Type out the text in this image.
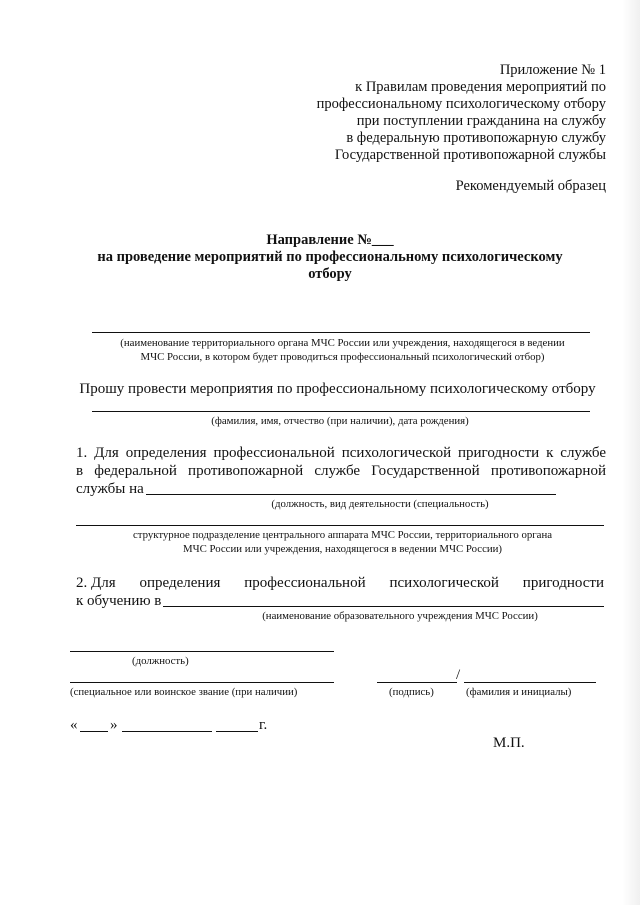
Приложение № 1
к Правилам проведения мероприятий по
профессиональному психологическому отбору
при поступлении гражданина на службу
в федеральную противопожарную службу
Государственной противопожарной службы
Рекомендуемый образец
Направление №___
на проведение мероприятий по профессиональному психологическому
отбору
(наименование территориального органа МЧС России или учреждения, находящегося в ведении
МЧС России, в котором будет проводиться профессиональный психологический отбор)
Прошу провести мероприятия по профессиональному психологическому отбору
(фамилия, имя, отчество (при наличии), дата рождения)
1. Для определения профессиональной психологической пригодности к службе
в федеральной противопожарной службе Государственной противопожарной
службы на
(должность, вид деятельности (специальность)
структурное подразделение центрального аппарата МЧС России, территориального органа
МЧС России или учреждения, находящегося в ведении МЧС России)
2. Для определения профессиональной психологической пригодности
к обучению в
(наименование образовательного учреждения МЧС России)
(должность)
(специальное или воинское звание (при наличии)
/
(подпись)	(фамилия и инициалы)
« »	г.
М.П.
